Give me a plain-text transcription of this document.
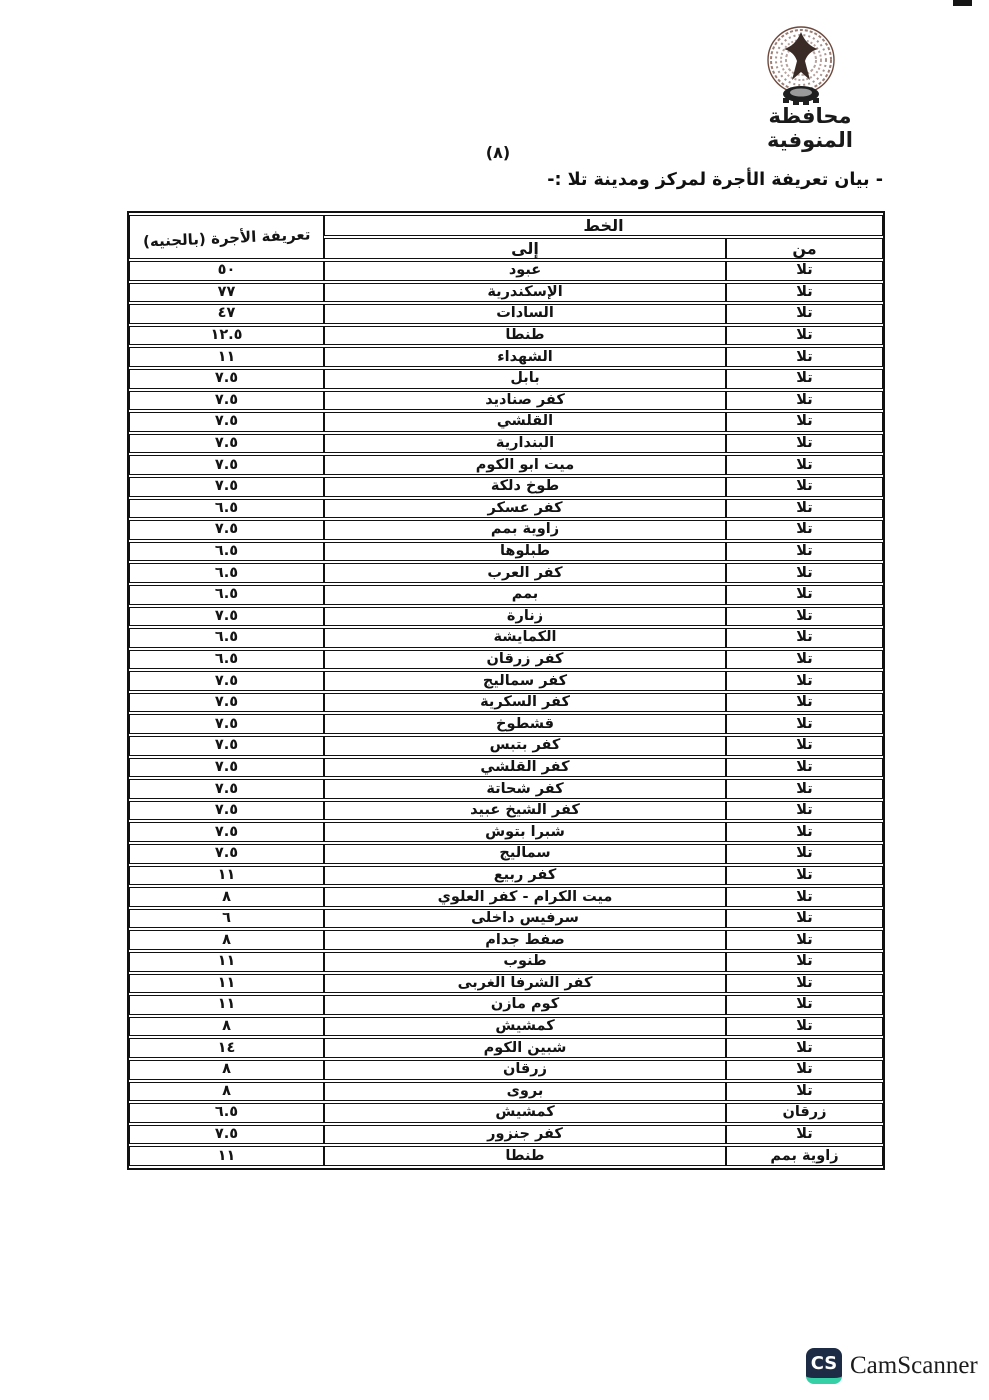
محافظة المنوفية
(٨)
- بيان تعريفة الأجرة لمركز ومدينة تلا :-
الخط		تعريفة الأجرة (بالجنيه)
من	إلى	
تلا	عبود	٥٠
تلا	الإسكندرية	٧٧
تلا	السادات	٤٧
تلا	طنطا	١٢.٥
تلا	الشهداء	١١
تلا	بابل	٧.٥
تلا	كفر صناديد	٧.٥
تلا	القلشي	٧.٥
تلا	البندارية	٧.٥
تلا	ميت ابو الكوم	٧.٥
تلا	طوخ دلكة	٧.٥
تلا	كفر عسكر	٦.٥
تلا	زاوية بمم	٧.٥
تلا	طبلوها	٦.٥
تلا	كفر العرب	٦.٥
تلا	بمم	٦.٥
تلا	زنارة	٧.٥
تلا	الكمايشة	٦.٥
تلا	كفر زرقان	٦.٥
تلا	كفر سماليج	٧.٥
تلا	كفر السكرية	٧.٥
تلا	قشطوخ	٧.٥
تلا	كفر بتبس	٧.٥
تلا	كفر القلشي	٧.٥
تلا	كفر شحاتة	٧.٥
تلا	كفر الشيخ عبيد	٧.٥
تلا	شبرا بتوش	٧.٥
تلا	سماليج	٧.٥
تلا	كفر ربيع	١١
تلا	ميت الكرام - كفر العلوي	٨
تلا	سرفيس داخلى	٦
تلا	صفط جدام	٨
تلا	طنوب	١١
تلا	كفر الشرفا الغربى	١١
تلا	كوم مازن	١١
تلا	كمشيش	٨
تلا	شبين الكوم	١٤
تلا	زرقان	٨
تلا	بروى	٨
زرقان	كمشيش	٦.٥
تلا	كفر جنزور	٧.٥
زاوية بمم	طنطا	١١
CS CamScanner
